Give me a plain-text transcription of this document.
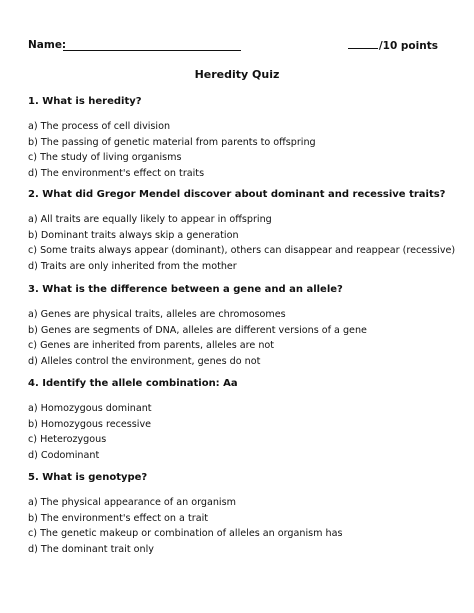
Name:	/10 points
Heredity Quiz
1. What is heredity?
a) The process of cell division
b) The passing of genetic material from parents to offspring
c) The study of living organisms
d) The environment's effect on traits
2. What did Gregor Mendel discover about dominant and recessive traits?
a) All traits are equally likely to appear in offspring
b) Dominant traits always skip a generation
c) Some traits always appear (dominant), others can disappear and reappear (recessive)
d) Traits are only inherited from the mother
3. What is the difference between a gene and an allele?
a) Genes are physical traits, alleles are chromosomes
b) Genes are segments of DNA, alleles are different versions of a gene
c) Genes are inherited from parents, alleles are not
d) Alleles control the environment, genes do not
4. Identify the allele combination: Aa
a) Homozygous dominant
b) Homozygous recessive
c) Heterozygous
d) Codominant
5. What is genotype?
a) The physical appearance of an organism
b) The environment's effect on a trait
c) The genetic makeup or combination of alleles an organism has
d) The dominant trait only
